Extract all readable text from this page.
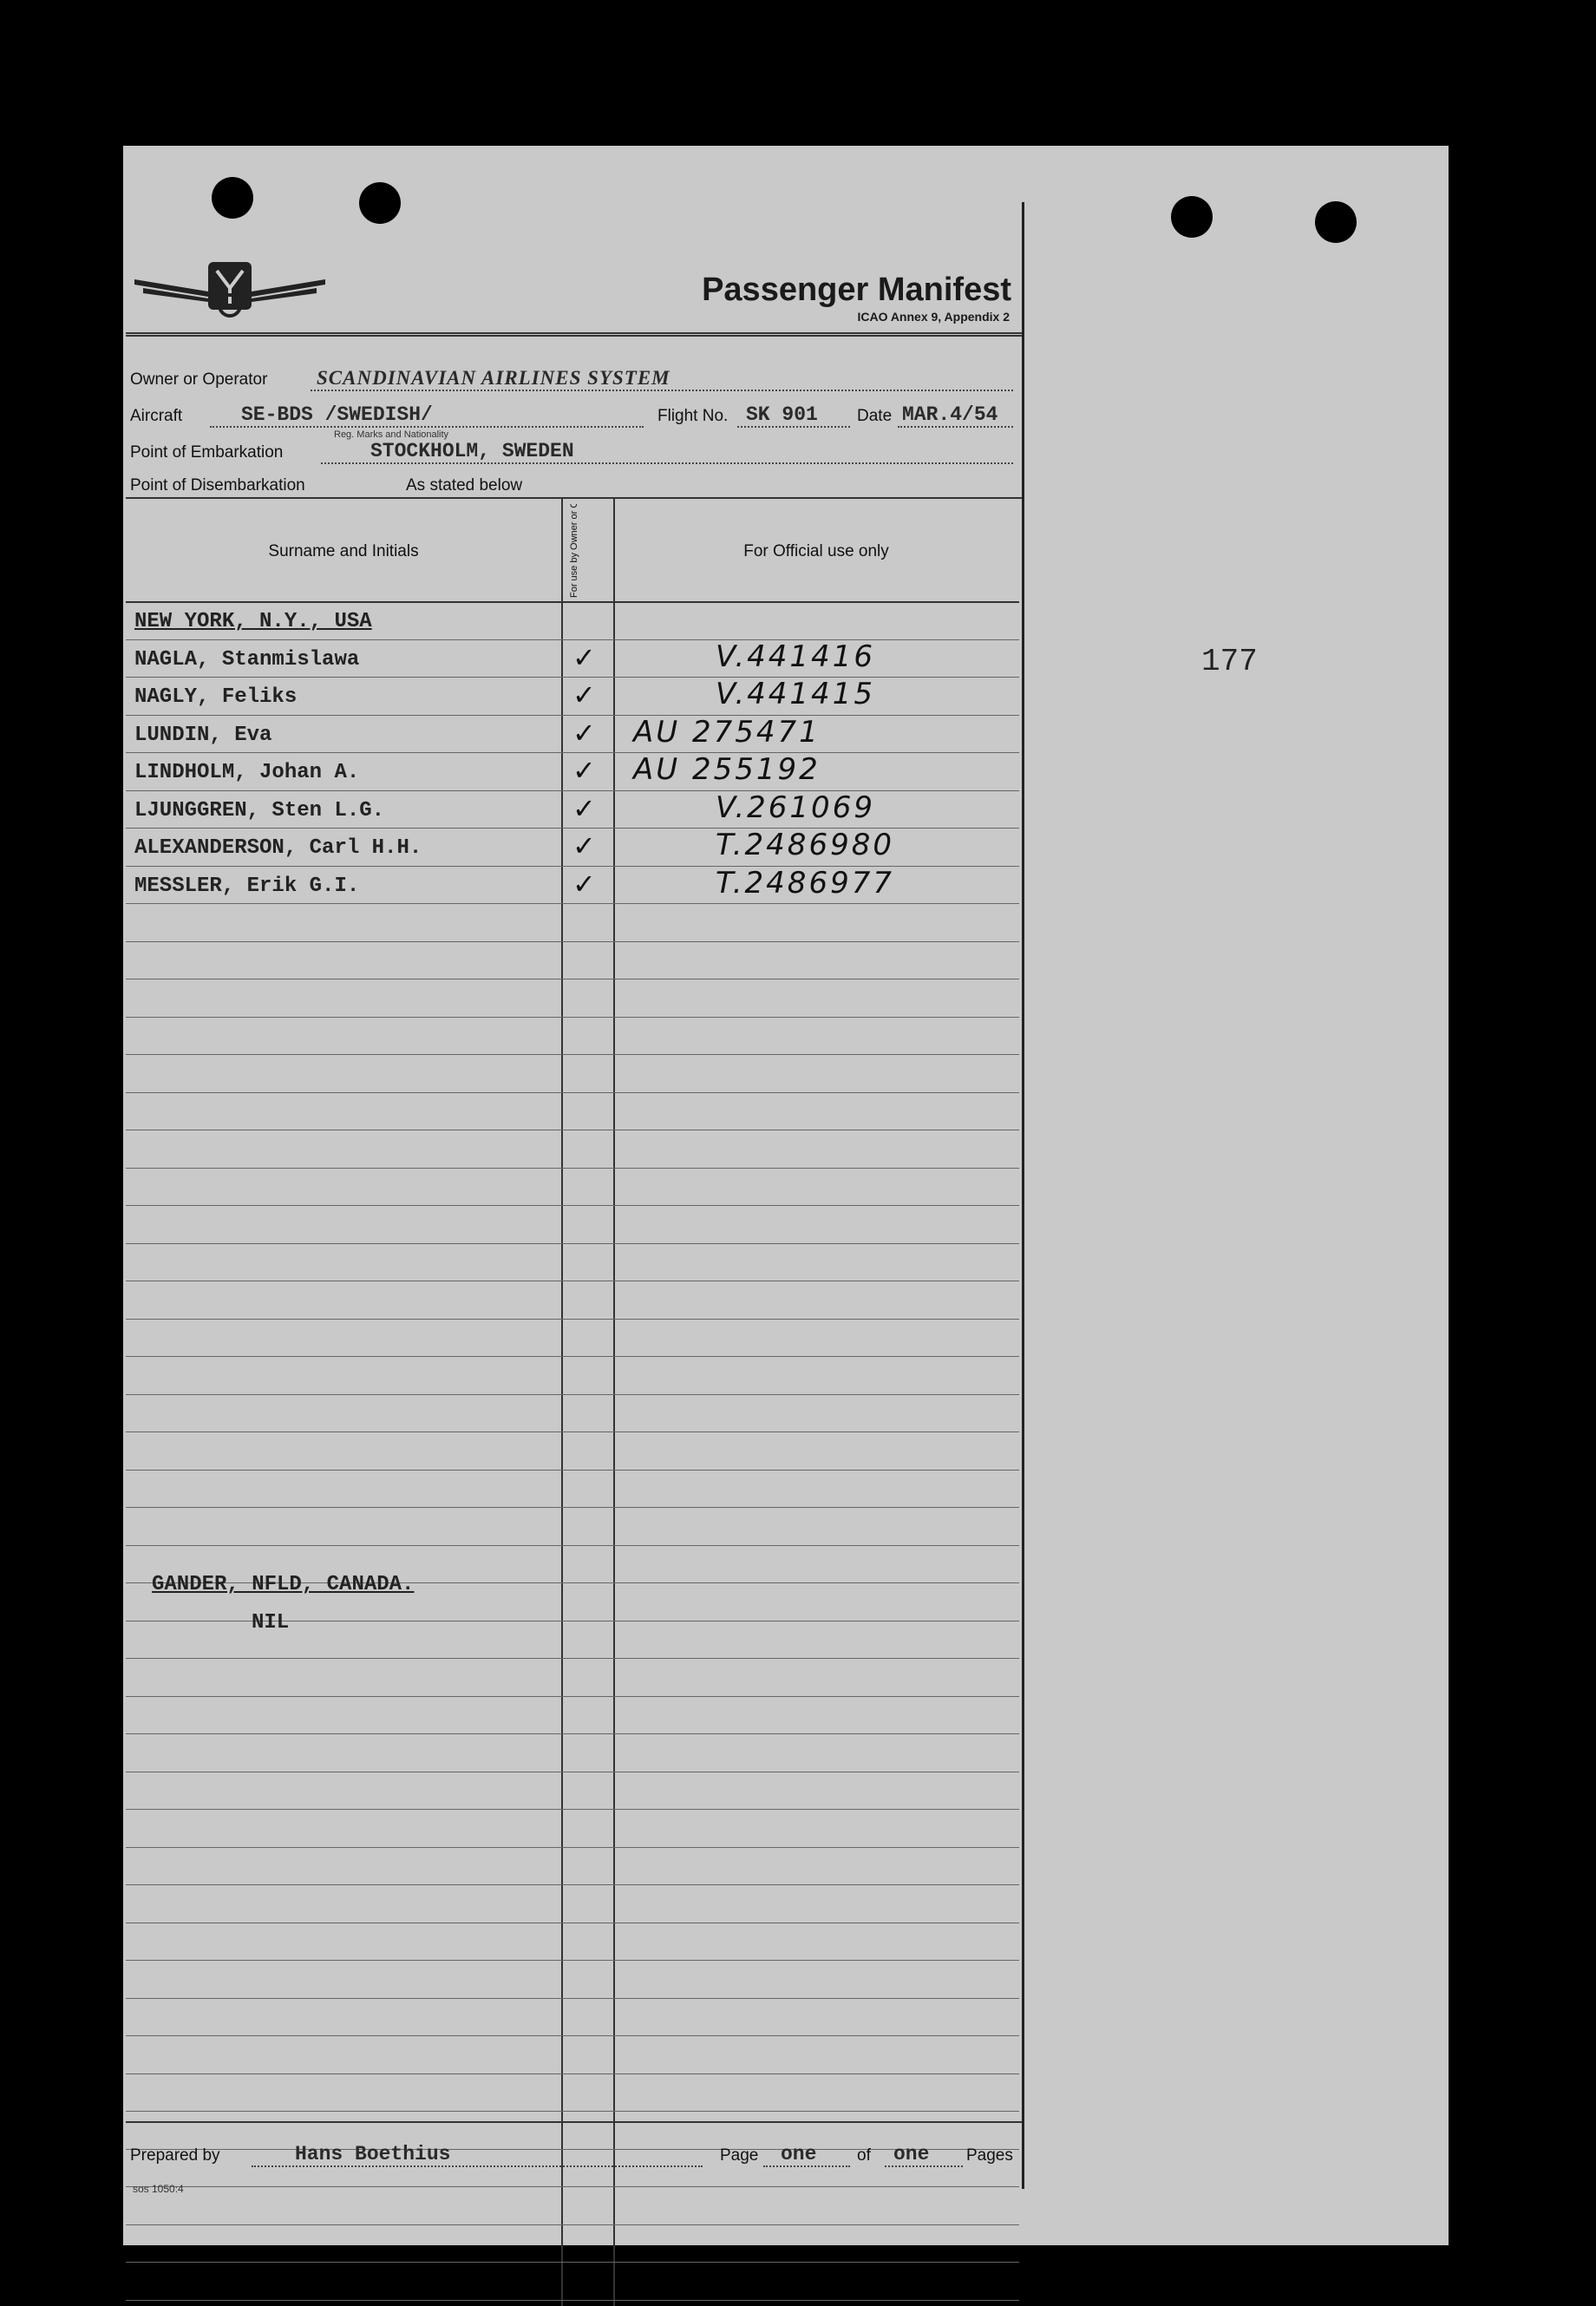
Passenger Manifest
ICAO Annex 9, Appendix 2
Owner or Operator SCANDINAVIAN AIRLINES SYSTEM
Aircraft	SE-BDS /SWEDISH/	Flight No. SK 901 Date MAR.4/54
Reg. Marks and Nationality
Point of Embarkation	STOCKHOLM, SWEDEN
Point of Disembarkation	As stated below
Surname and Initials	For use by Owner or Operator only	For Official use only
NEW YORK, N.Y., USA
NAGLA, Stanmislawa	✓	V.441416
NAGLY, Feliks	✓	V.441415
LUNDIN, Eva	✓ AU 275471
LINDHOLM, Johan A.	✓ AU 255192
LJUNGGREN, Sten L.G.	✓	V.261069
ALEXANDERSON, Carl H.H.	✓	T.2486980
MESSLER, Erik G.I.	✓	T.2486977
GANDER, NFLD, CANADA.
NIL
Prepared by	Hans Boethius	Page one of one Pages
sos 1050:4
177
